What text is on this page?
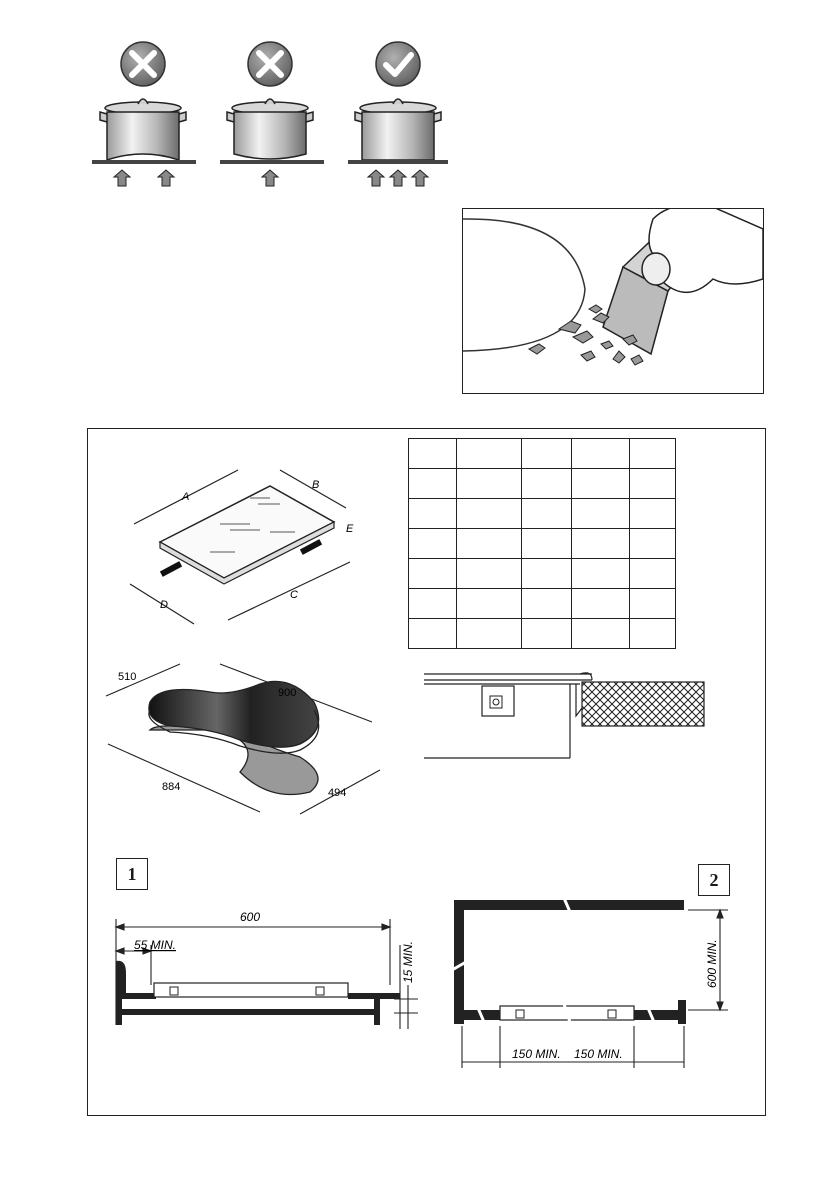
A
B
C
D
E

510
900
884	494
1
600
55 MIN.	15 MIN.
2
600 MIN.
150 MIN. 150 MIN.
